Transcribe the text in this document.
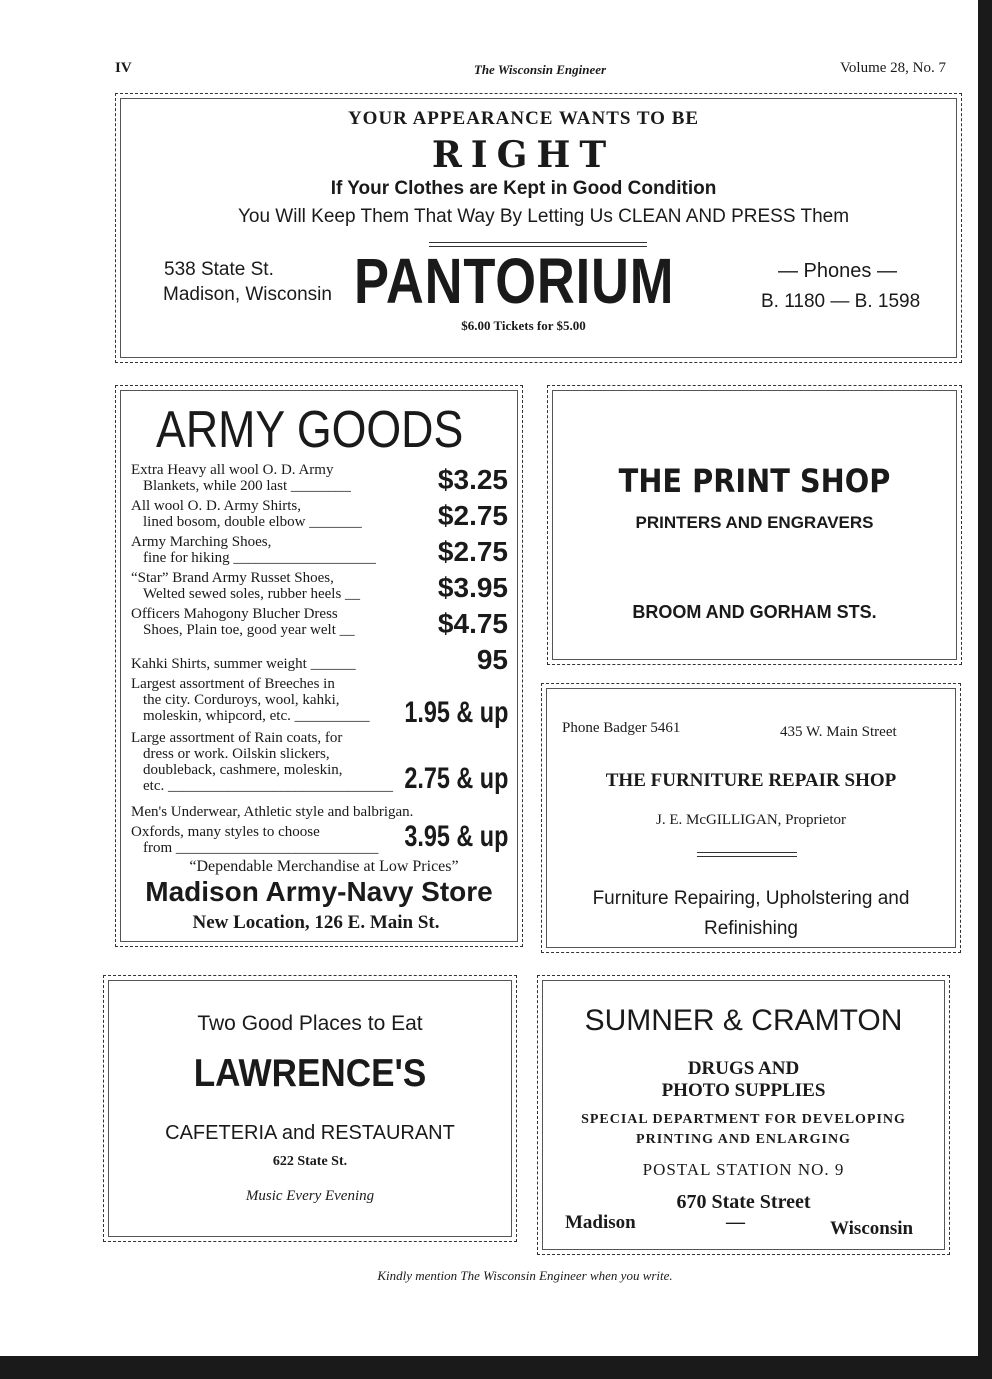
IV	The Wisconsin Engineer	Volume 28, No. 7
YOUR APPEARANCE WANTS TO BE
RIGHT
If Your Clothes are Kept in Good Condition
You Will Keep Them That Way By Letting Us CLEAN AND PRESS Them
538 State St.
Madison, Wisconsin PANTORIUM	— Phones —
B. 1180 — B. 1598
$6.00 Tickets for $5.00
ARMY GOODS
Extra Heavy all wool O. D. Army
Blankets, while 200 last ________	$3.25
All wool O. D. Army Shirts,
lined bosom, double elbow _______	$2.75
Army Marching Shoes,
fine for hiking ___________________ $2.75
“Star” Brand Army Russet Shoes,
Welted sewed soles, rubber heels __	$3.95
Officers Mahogony Blucher Dress
Shoes, Plain toe, good year welt __	$4.75
Kahki Shirts, summer weight ______	95
Largest assortment of Breeches in
the city. Corduroys, wool, kahki,
moleskin, whipcord, etc. __________ 1.95 & up
Large assortment of Rain coats, for
dress or work. Oilskin slickers,
doubleback, cashmere, moleskin,
etc. ______________________________ 2.75 & up
Men's Underwear, Athletic style and balbrigan.
Oxfords, many styles to choose
from ___________________________ 3.95 & up
“Dependable Merchandise at Low Prices”
Madison Army-Navy Store
New Location, 126 E. Main St.
THE PRINT SHOP
PRINTERS AND ENGRAVERS
BROOM AND GORHAM STS.
Phone Badger 5461	435 W. Main Street
THE FURNITURE REPAIR SHOP
J. E. McGILLIGAN, Proprietor
Furniture Repairing, Upholstering and
Refinishing
Two Good Places to Eat
LAWRENCE'S
CAFETERIA and RESTAURANT
622 State St.
Music Every Evening
SUMNER & CRAMTON
DRUGS AND
PHOTO SUPPLIES
SPECIAL DEPARTMENT FOR DEVELOPING
PRINTING AND ENLARGING
POSTAL STATION NO. 9
670 State Street
Madison	—	Wisconsin
Kindly mention The Wisconsin Engineer when you write.
